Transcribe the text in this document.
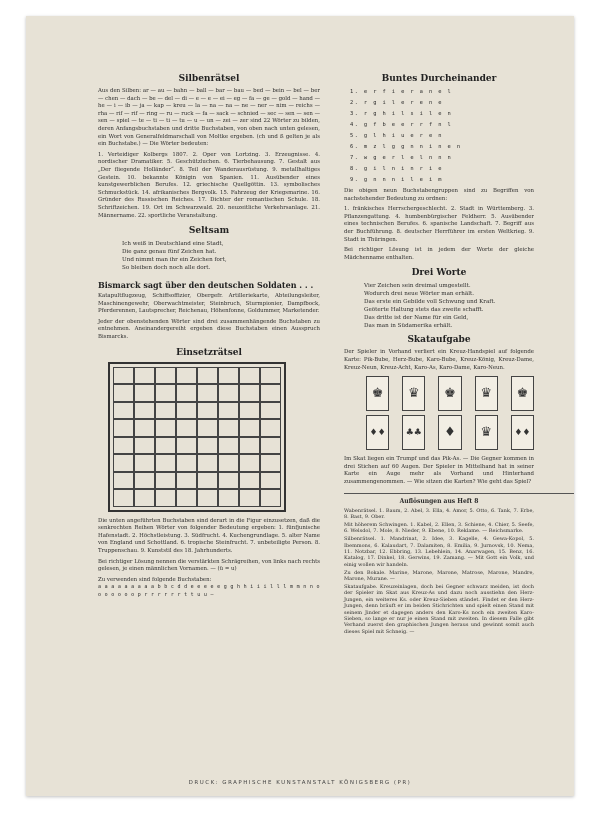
Silbenrätsel

Aus den Silben: ar — au — bahn — ball — bar — bau — bed — bein — bel — ber — chen — dach — be — del — di — e — e — ei — eg — fa — ge — gold — hand — he — i — ib — ja — kap — kreu — la — na — na — ne — ner — nim — reichs — rha — rif — rif — ring — ru — ruck — fa — sack — schnied — sec — sen — sen — sen — spiel — te — ti — ti — tu — u — un — zei — zer sind 22 Wörter zu bilden, deren Anfangsbuchstaben und dritte Buchstaben, von oben nach unten gelesen, ein Wort von Generalfeldmarschall von Moltke ergeben. (ch und ß gelten je als ein Buchstabe.) — Die Wörter bedeuten:

1. Verteidiger Kolbergs 1807. 2. Oper von Lortzing. 3. Erzeugnisse. 4. nordischer Dramatiker. 5. Geschützluchen. 6. Tierbehausung. 7. Gestalt aus „Der fliegende Holländer“. 8. Teil der Wanderausrüstung. 9. metallhaltiges Gestein. 10. bekannte Königin von Spanien. 11. Ausübender eines kunstgewerblichen Berufes. 12. griechische Quellgöttin. 13. symbolisches Schmuckstück. 14. afrikanisches Bergvolk. 15. Fahrzeug der Kriegsmarine. 16. Gründer des Russischen Reiches. 17. Dichter der romantischen Schule. 18. Schriftzeichen. 19. Ort im Schwarzwald. 20. neuzeitliche Verkehrsanlage. 21. Männername. 22. sportliche Veranstaltung.

Seltsam
Ich weiß in Deutschland eine Stadt,
Die ganz genau fünf Zeichen hat.
Und nimmt man ihr ein Zeichen fort,
So bleiben doch noch alle dort.
Bismarck sagt über den deutschen Soldaten . . .

Katapultflugzeug, Schiffsoffizier, Obergefr. Artilleriekarte, Abteilungsleiter, Maschinengewehr, Oberwachtmeister, Steinbruch, Sturmpionier, Dampfbock, Pferderennen, Lautsprecher, Reichenau, Höhenfonne, Goldummer, Marketender.

Jeder der obenstehenden Wörter sind drei zusammenhängende Buchstaben zu entnehmen. Aneinandergereiht ergeben diese Buchstaben einen Ausspruch Bismarcks.

Einsetzrätsel

Die unten angeführten Buchstaben sind derart in die Figur einzusetzen, daß die senkrechten Reihen Wörter von folgender Bedeutung ergeben: 1. fünfjunische Hafenstadt. 2. Höchstleistung. 3. Südfrucht. 4. Kuchengrundlage. 5. alter Name von England und Schottland. 6. tropische Steinfrucht. 7. unbeteiligte Person. 8. Truppenschau. 9. Kunststil des 18. Jahrhunderts.

Bei richtiger Lösung nennen die verstärkten Schrägreihen, von links nach rechts gelesen, je einen männlichen Vornamen. — (ü = u)

Zu verwenden sind folgende Buchstaben:

a a a a a a a a a b b c d d e e e e e g g h h i i i l l l m m n n o o o o o o o p r r r r r r t t u u —

Buntes Durcheinander
1. e r f i e r a n e l
2. r g i l e r e n e
3. r g h i l s i l e n
4. g f b e e r r f n l
5. g l h i u e r e n
6. m z l g g n n i n e n
7. w g e r l e l n n n
8. g i l n i n r i e
9. g n n n i l e i m

Die obigen neun Buchstabengruppen sind zu Begriffen von nachstehender Bedeutung zu ordnen:

1. fränkisches Herrschergeschlecht. 2. Stadt in Württemberg. 3. Pflanzengattung. 4. humbenbürgischer Feldherr. 5. Ausübender eines technischen Berufes. 6. spanische Landschaft. 7. Begriff aus der Buchführung. 8. deutscher Herrführer im ersten Weltkrieg. 9. Stadt in Thüringen.

Bei richtiger Lösung ist in jedem der Worte der gleiche Mädchenname enthalten.

Drei Worte
Vier Zeichen sein dreimal umgestellt.
Wodurch drei neue Wörter man erhält.
Das erste ein Gebilde voll Schwung und Kraft.
Geöterte Haltung stets das zweite schafft.
Das dritte ist der Name für ein Geld,
Das man in Südamerika erhält.
Skataufgabe

Der Spieler in Vorhand verliert ein Kreuz-Handspiel auf folgende Karte: Pik-Bube, Herz-Bube, Karo-Bube, Kreuz-König, Kreuz-Dame, Kreuz-Neun, Kreuz-Acht, Karo-As, Karo-Dame, Karo-Neun.

♚	♛	♚	♛	♚
♦♦	♣♣	♦	♛	♦♦

Im Skat liegen ein Trumpf und das Pik-As. — Die Gegner kommen in drei Stichen auf 60 Augen. Der Spieler in Mittelhand hat in seiner Karte ein Auge mehr als Vorhand und Hinterhand zusammengenommen. — Wie sitzen die Karten? Wie geht das Spiel?

Auflösungen aus Heft 8

Wabenrätsel. 1. Baum, 2. Abel, 3. Ella, 4. Amor, 5. Otto, 6. Tank, 7. Erbe, 8. Bast, 9. Ober.

Mit höherem Schwingen. 1. Kabel, 2. Ellen, 3. Schiene, 4. Chier, 5. Seefe, 6. Welsdol, 7. Mole, 8. Nieder, 9. Ebene, 10. Reklame. — Reichsmarke.

Silbenrätsel. 1. Mandrinat, 2. Idee, 3. Kagelle, 4. Gewa-Kopol, 5. Ibemmons, 6. Kalaudart, 7. Dalamiten, 8. Emilia, 9. Jurnovsk, 10. Nema, 11. Notzbar, 12. Ebbring, 13. Lebehlein, 14. Anarwagen, 15. Benz, 16. Katalog, 17. Dinkel, 18. Gerwins, 19. Zamang. — Mit Gott ein Volk, und einig wollen wir handeln.

Zu den Bokale. Marine, Marone, Marone, Matrose, Marone, Mandre, Marone, Murane. —

Skataufgabe. Kreuzeinlagen, doch bei Gegner schwarz meiden, ist doch der Spieler im Skat aus Kreuz-As und dazu noch ausstiehn den Herz-Jungen, ein weiteres Ks. oder Kreuz-Sieben ständet. Findet er den Herz-Jungen, denn bräuft er im beiden Stichrichten und spielt einen Stand mit seinem Jinder et dagegen anders den Karo-Ks noch ein zweiten Karo-Sieben, so lange er nur je einen Stand mit zweiten. In diesem Falle gibt Verhand zuerst den graphischen Jungen heraus und gewinnt somit auch dieses Spiel mit Schneig. —

DRUCK: GRAPHISCHE KUNSTANSTALT KÖNIGSBERG (PR)
